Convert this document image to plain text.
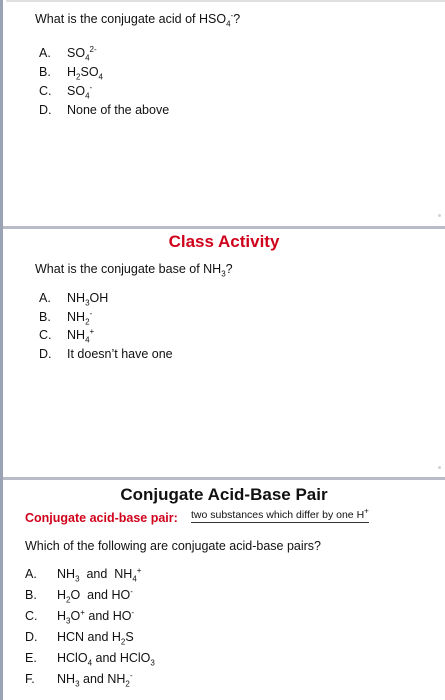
What is the conjugate acid of $HSO_4^-$?
A. $SO_4^{2-}$
B. $H_2SO_4$
C. $SO_4^-$
D. None of the above
Class Activity
What is the conjugate base of $NH_3$?
A. $NH_3OH$
B. $NH_2^-$
C. $NH_4^+$
D. It doesn’t have one
Conjugate Acid-Base Pair
Conjugate acid-base pair: two substances which differ by one H+
Which of the following are conjugate acid-base pairs?
A. $NH_3$  and  $NH_4^+$
B. $H_2O$  and HO-
C. $H_3O^+$ and HO-
D. HCN and $H_2S$
E. HClO$_4$ and HClO$_3$
F. $NH_3$ and $NH_2^-$
